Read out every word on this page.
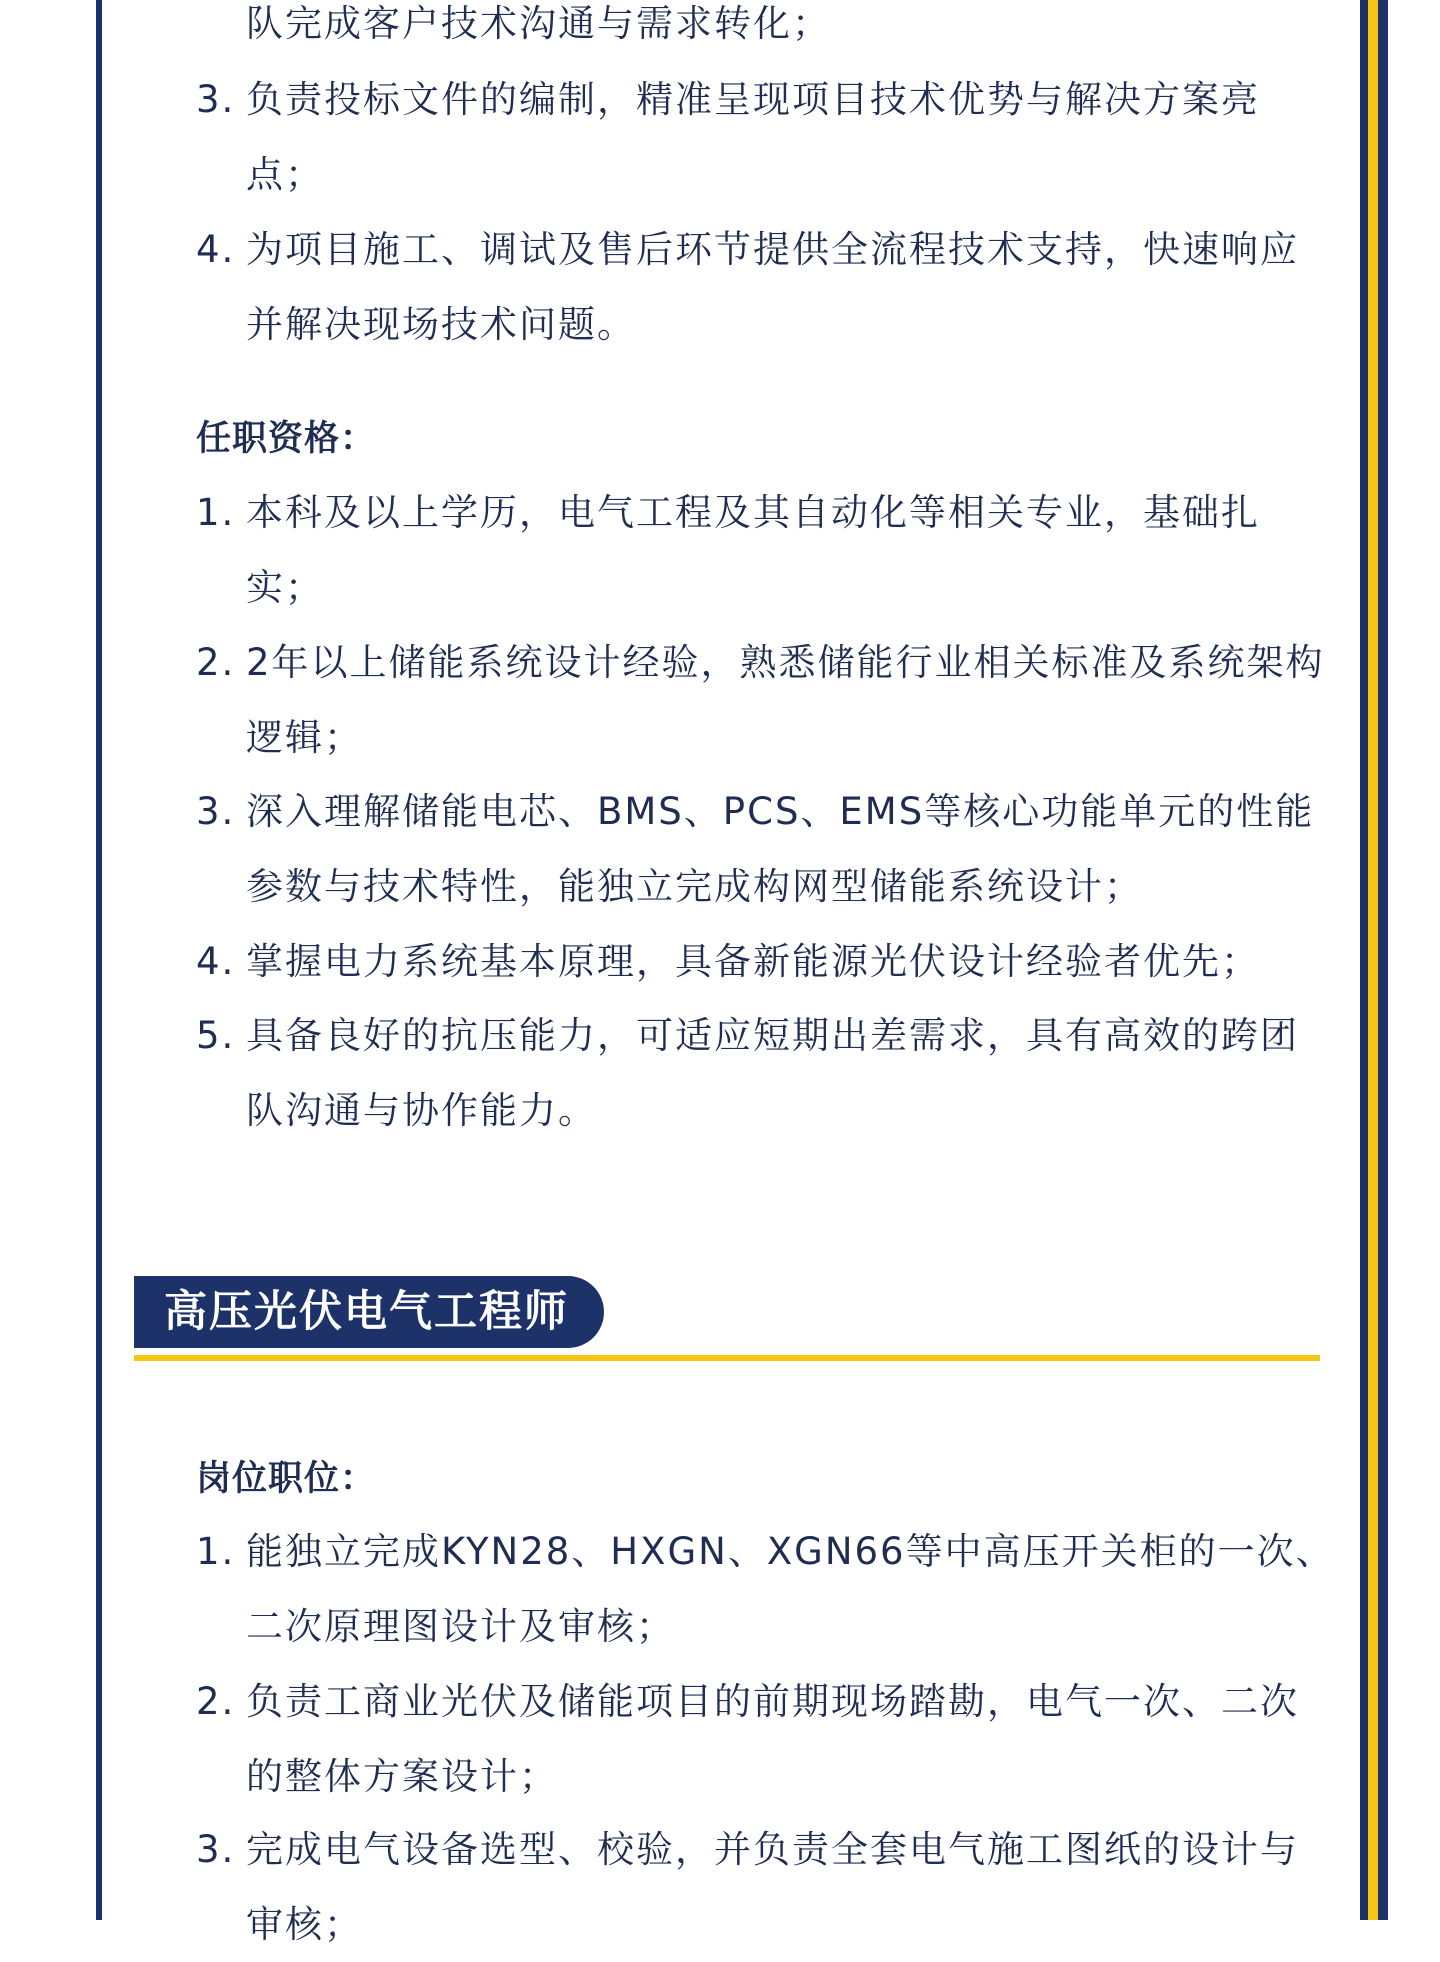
队完成客户技术沟通与需求转化；

3. 负责投标文件的编制，精准呈现项目技术优势与解决方案亮点；

4. 为项目施工、调试及售后环节提供全流程技术支持，快速响应并解决现场技术问题。

任职资格：

1. 本科及以上学历，电气工程及其自动化等相关专业，基础扎实；

2. 2年以上储能系统设计经验，熟悉储能行业相关标准及系统架构逻辑；

3. 深入理解储能电芯、BMS、PCS、EMS等核心功能单元的性能参数与技术特性，能独立完成构网型储能系统设计；

4. 掌握电力系统基本原理，具备新能源光伏设计经验者优先；

5. 具备良好的抗压能力，可适应短期出差需求，具有高效的跨团队沟通与协作能力。

高压光伏电气工程师

岗位职位：

1. 能独立完成KYN28、HXGN、XGN66等中高压开关柜的一次、二次原理图设计及审核；

2. 负责工商业光伏及储能项目的前期现场踏勘，电气一次、二次的整体方案设计；

3. 完成电气设备选型、校验，并负责全套电气施工图纸的设计与审核；
